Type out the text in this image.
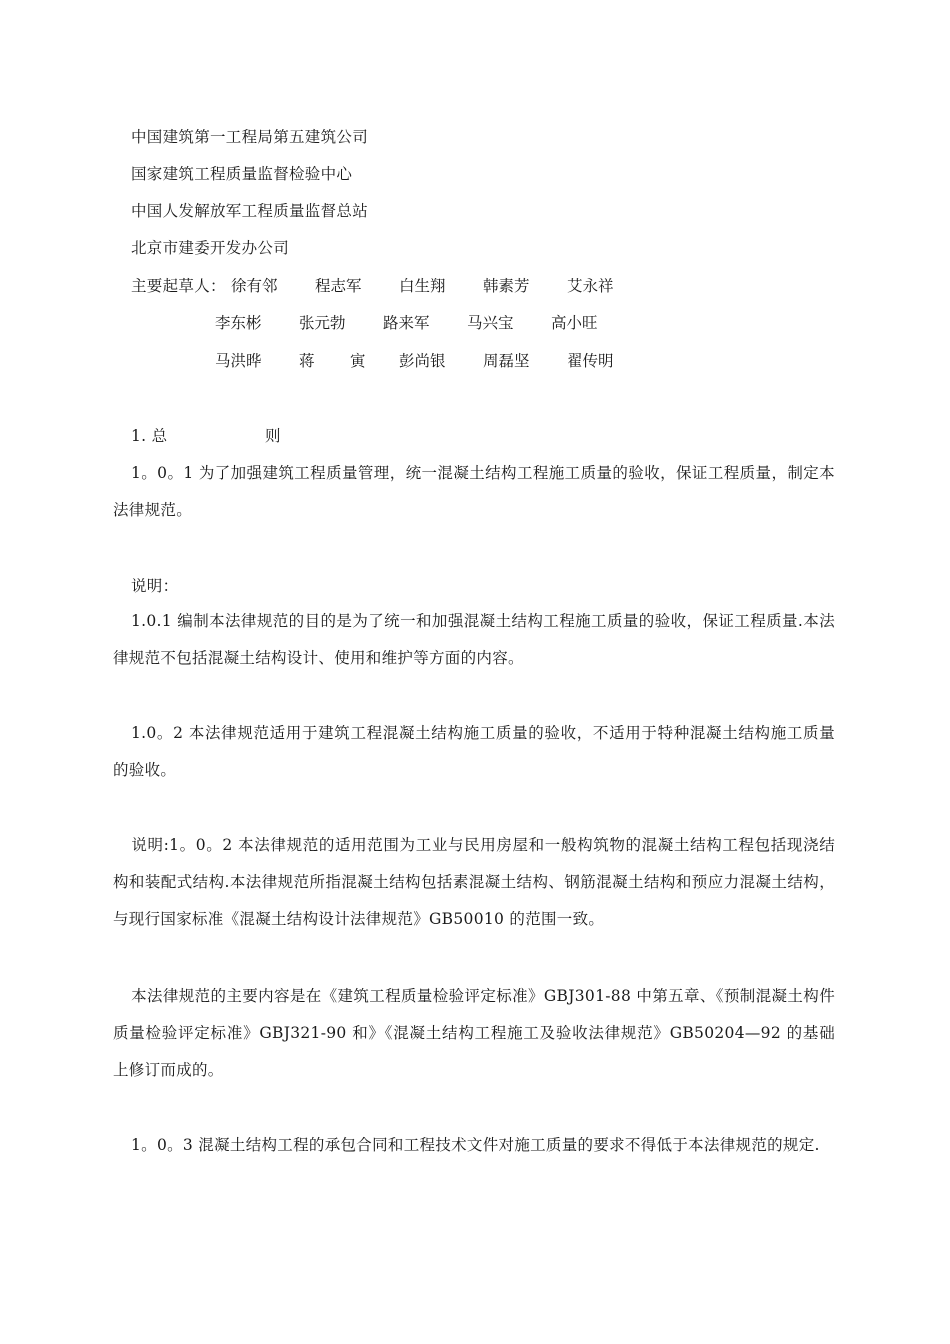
中国建筑第一工程局第五建筑公司
国家建筑工程质量监督检验中心
中国人发解放军工程质量监督总站
北京市建委开发办公司
主要起草人： 徐有邻 程志军 白生翔 韩素芳 艾永祥
李东彬 张元勃 路来军 马兴宝 高小旺
马洪晔 蒋 寅 彭尚银 周磊坚 翟传明
1. 总	则
1。0。1 为了加强建筑工程质量管理，统一混凝土结构工程施工质量的验收，保证工程质量，制定本法律规范。
说明：
1.0.1 编制本法律规范的目的是为了统一和加强混凝土结构工程施工质量的验收，保证工程质量.本法律规范不包括混凝土结构设计、使用和维护等方面的内容。
1.0。2 本法律规范适用于建筑工程混凝土结构施工质量的验收，不适用于特种混凝土结构施工质量的验收。
说明:1。0。2 本法律规范的适用范围为工业与民用房屋和一般构筑物的混凝土结构工程包括现浇结构和装配式结构.本法律规范所指混凝土结构包括素混凝土结构、钢筋混凝土结构和预应力混凝土结构，与现行国家标准《混凝土结构设计法律规范》GB50010 的范围一致。
本法律规范的主要内容是在《建筑工程质量检验评定标准》GBJ301-88 中第五章、《预制混凝土构件质量检验评定标准》GBJ321-90 和》《混凝土结构工程施工及验收法律规范》GB50204—92 的基础上修订而成的。
1。0。3 混凝土结构工程的承包合同和工程技术文件对施工质量的要求不得低于本法律规范的规定.
